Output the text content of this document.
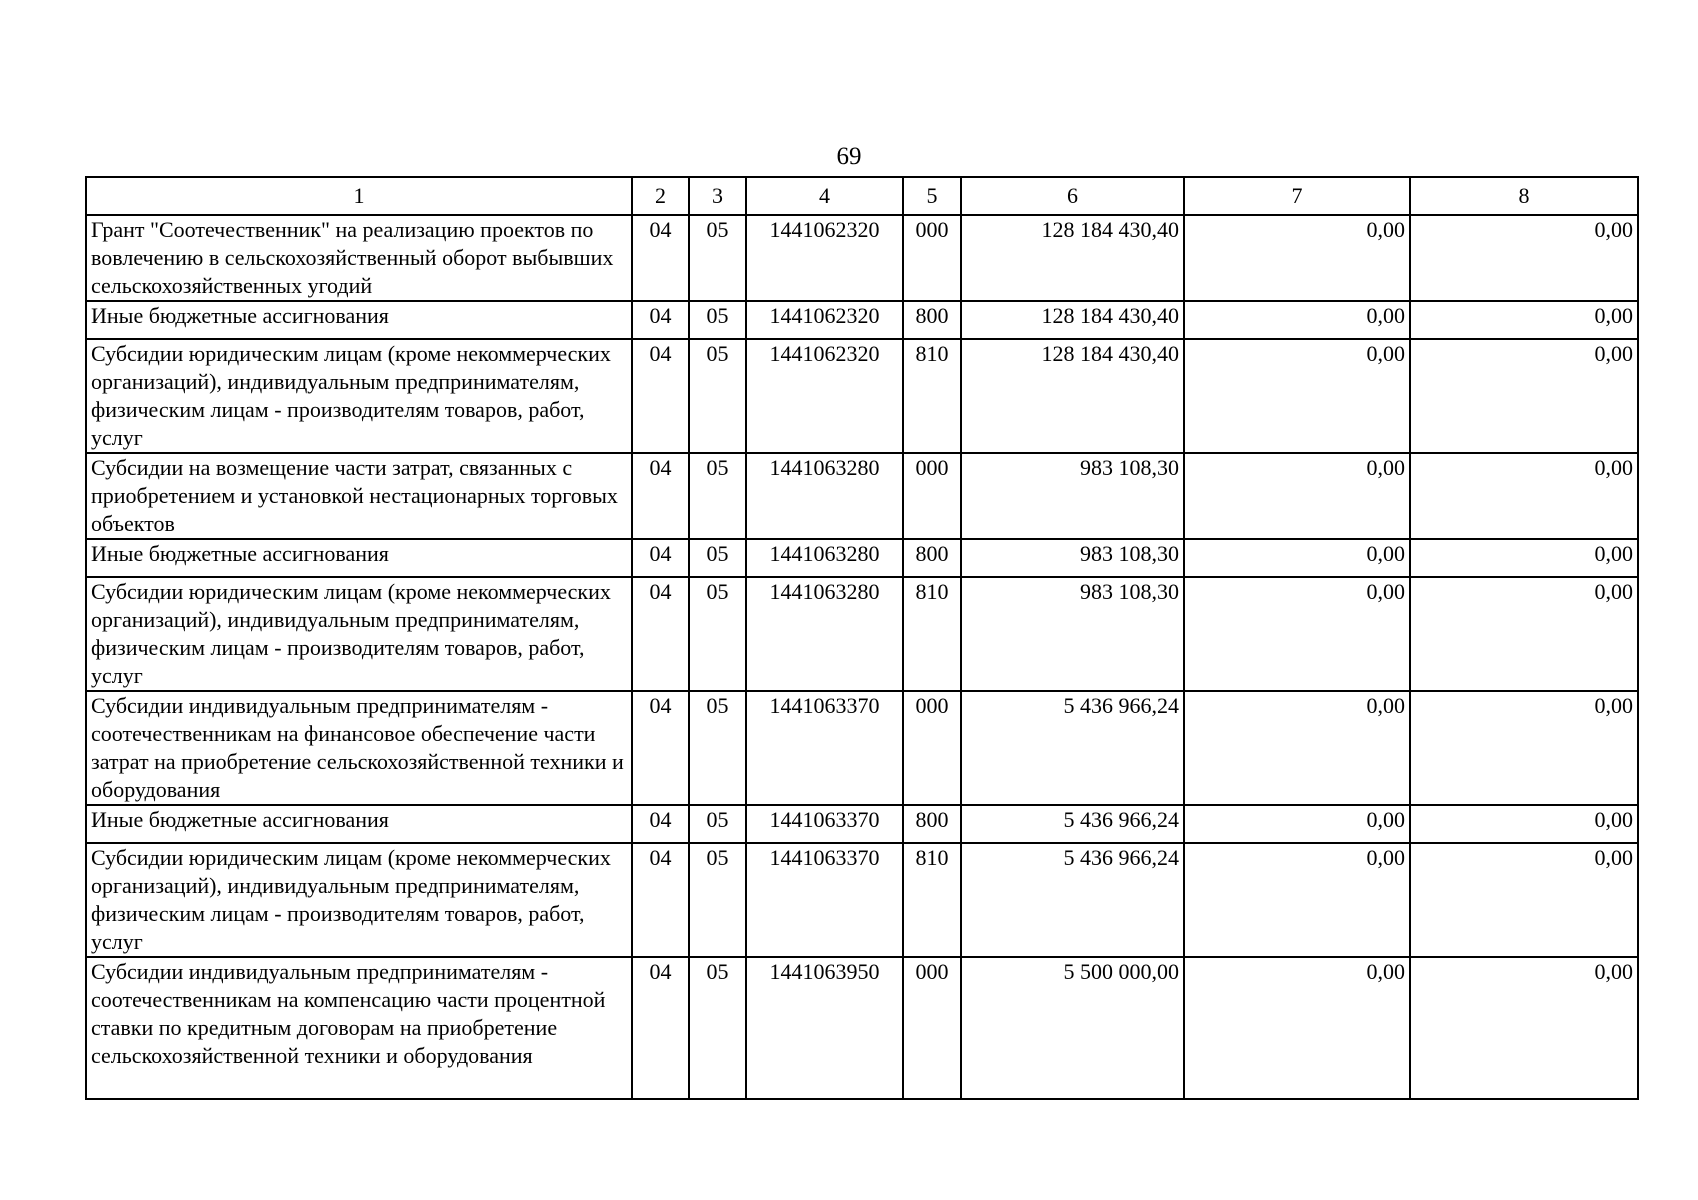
69
1	2	3	4	5	6	7	8
Грант "Соотечественник" на реализацию проектов по вовлечению в сельскохозяйственный оборот выбывших сельскохозяйственных угодий	04	05	1441062320	000	128 184 430,40	0,00	0,00
Иные бюджетные ассигнования	04	05	1441062320	800	128 184 430,40	0,00	0,00
Субсидии юридическим лицам (кроме некоммерческих организаций), индивидуальным предпринимателям, физическим лицам - производителям товаров, работ, услуг	04	05	1441062320	810	128 184 430,40	0,00	0,00
Субсидии на возмещение части затрат, связанных с приобретением и установкой нестационарных торговых объектов	04	05	1441063280	000	983 108,30	0,00	0,00
Иные бюджетные ассигнования	04	05	1441063280	800	983 108,30	0,00	0,00
Субсидии юридическим лицам (кроме некоммерческих организаций), индивидуальным предпринимателям, физическим лицам - производителям товаров, работ, услуг	04	05	1441063280	810	983 108,30	0,00	0,00
Субсидии индивидуальным предпринимателям - соотечественникам на финансовое обеспечение части затрат на приобретение сельскохозяйственной техники и оборудования	04	05	1441063370	000	5 436 966,24	0,00	0,00
Иные бюджетные ассигнования	04	05	1441063370	800	5 436 966,24	0,00	0,00
Субсидии юридическим лицам (кроме некоммерческих организаций), индивидуальным предпринимателям, физическим лицам - производителям товаров, работ, услуг	04	05	1441063370	810	5 436 966,24	0,00	0,00
Субсидии индивидуальным предпринимателям - соотечественникам на компенсацию части процентной ставки по кредитным договорам на приобретение сельскохозяйственной техники и оборудования	04	05	1441063950	000	5 500 000,00	0,00	0,00
